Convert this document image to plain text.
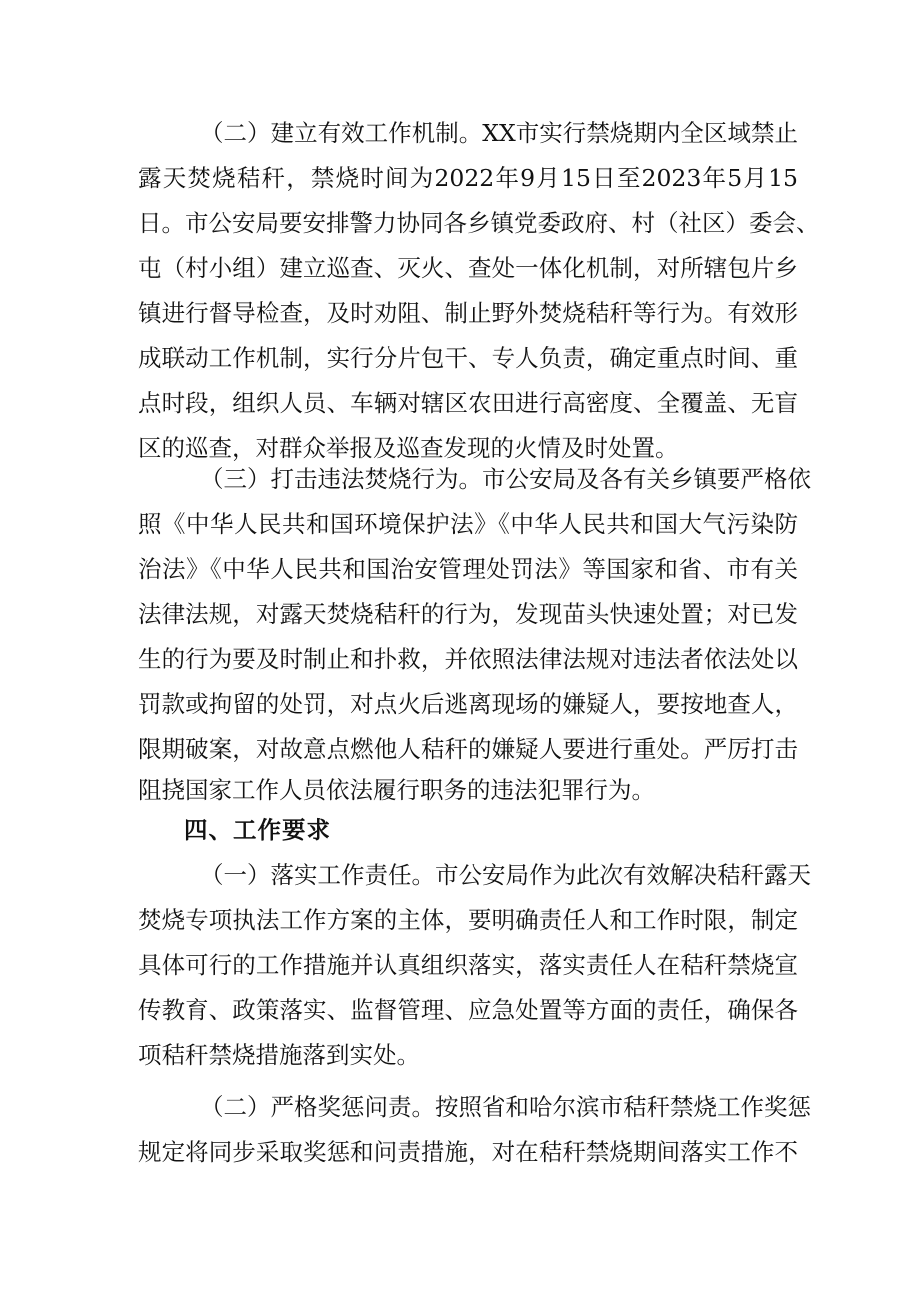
（二）建立有效工作机制。XX市实行禁烧期内全区域禁止
露天焚烧秸秆，禁烧时间为2022年9月15日至2023年5月15
日。市公安局要安排警力协同各乡镇党委政府、村（社区）委会、
屯（村小组）建立巡查、灭火、查处一体化机制，对所辖包片乡
镇进行督导检查，及时劝阻、制止野外焚烧秸秆等行为。有效形
成联动工作机制，实行分片包干、专人负责，确定重点时间、重
点时段，组织人员、车辆对辖区农田进行高密度、全覆盖、无盲
区的巡查，对群众举报及巡查发现的火情及时处置。
（三）打击违法焚烧行为。市公安局及各有关乡镇要严格依
照《中华人民共和国环境保护法》《中华人民共和国大气污染防
治法》《中华人民共和国治安管理处罚法》等国家和省、市有关
法律法规，对露天焚烧秸秆的行为，发现苗头快速处置；对已发
生的行为要及时制止和扑救，并依照法律法规对违法者依法处以
罚款或拘留的处罚，对点火后逃离现场的嫌疑人，要按地查人，
限期破案，对故意点燃他人秸秆的嫌疑人要进行重处。严厉打击
阻挠国家工作人员依法履行职务的违法犯罪行为。
四、工作要求
（一）落实工作责任。市公安局作为此次有效解决秸秆露天
焚烧专项执法工作方案的主体，要明确责任人和工作时限，制定
具体可行的工作措施并认真组织落实，落实责任人在秸秆禁烧宣
传教育、政策落实、监督管理、应急处置等方面的责任，确保各
项秸秆禁烧措施落到实处。
（二）严格奖惩问责。按照省和哈尔滨市秸秆禁烧工作奖惩
规定将同步采取奖惩和问责措施，对在秸秆禁烧期间落实工作不
